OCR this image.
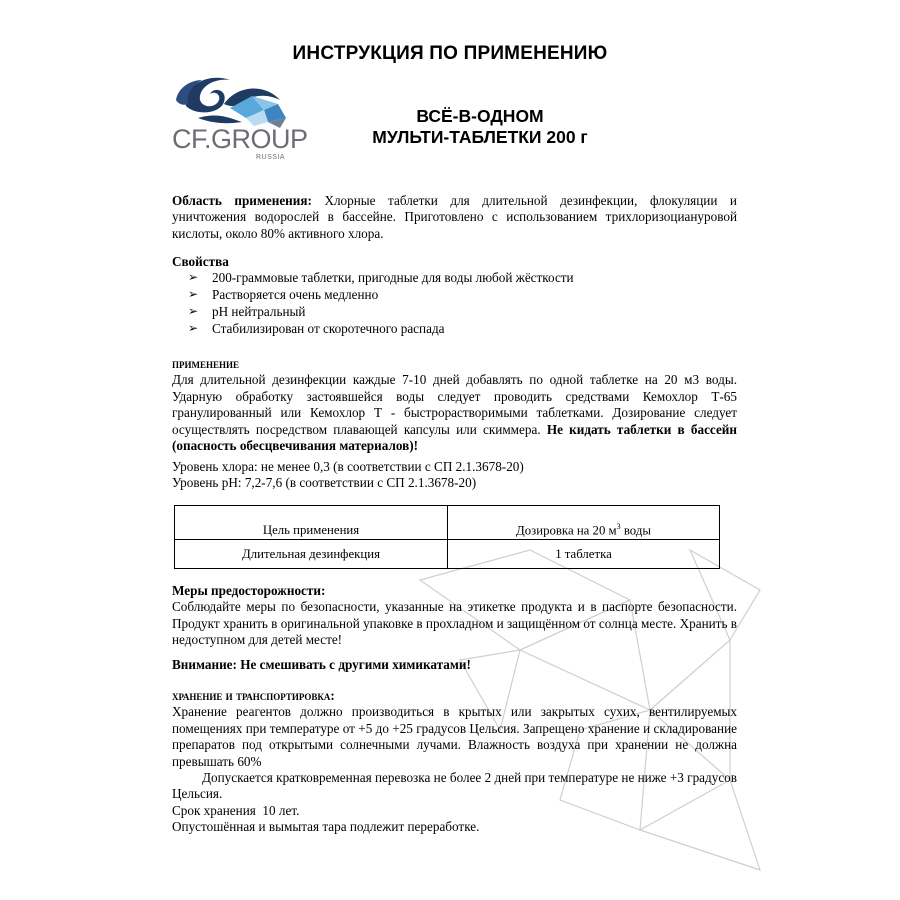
ИНСТРУКЦИЯ ПО ПРИМЕНЕНИЮ
CF.GROUP
RUSSIA
ВСЁ-В-ОДНОМ
МУЛЬТИ-ТАБЛЕТКИ 200 г
Область применения: Хлорные таблетки для длительной дезинфекции, флокуляции и уничтожения водорослей в бассейне. Приготовлено с использованием трихлоризоциануровой кислоты, около 80% активного хлора.
Свойства
➢ 200-граммовые таблетки, пригодные для воды любой жёсткости
➢ Растворяется очень медленно
➢ pH нейтральный
➢ Стабилизирован от скоротечного распада
применение
Для длительной дезинфекции каждые 7-10 дней добавлять по одной таблетке на 20 м3 воды. Ударную обработку застоявшейся воды следует проводить средствами Кемохлор Т-65 гранулированный или Кемохлор Т - быстрорастворимыми таблетками. Дозирование следует осуществлять посредством плавающей капсулы или скиммера. Не кидать таблетки в бассейн (опасность обесцвечивания материалов)!
Уровень хлора: не менее 0,3 (в соответствии с СП 2.1.3678-20)
Уровень pH: 7,2-7,6 (в соответствии с СП 2.1.3678-20)
Цель применения	Дозировка на 20 $м^3$ воды
Длительная дезинфекция	1 таблетка
Меры предосторожности:
Соблюдайте меры по безопасности, указанные на этикетке продукта и в паспорте безопасности. Продукт хранить в оригинальной упаковке в прохладном и защищённом от солнца месте. Хранить в недоступном для детей месте!
Внимание: Не смешивать с другими химикатами!
хранение и транспортировка:
Хранение реагентов должно производиться в крытых или закрытых сухих, вентилируемых помещениях при температуре от +5 до +25 градусов Цельсия. Запрещено хранение и складирование препаратов под открытыми солнечными лучами. Влажность воздуха при хранении не должна превышать 60%
Допускается кратковременная перевозка не более 2 дней при температуре не ниже +3 градусов Цельсия.
Срок хранения  10 лет.
Опустошённая и вымытая тара подлежит переработке.
